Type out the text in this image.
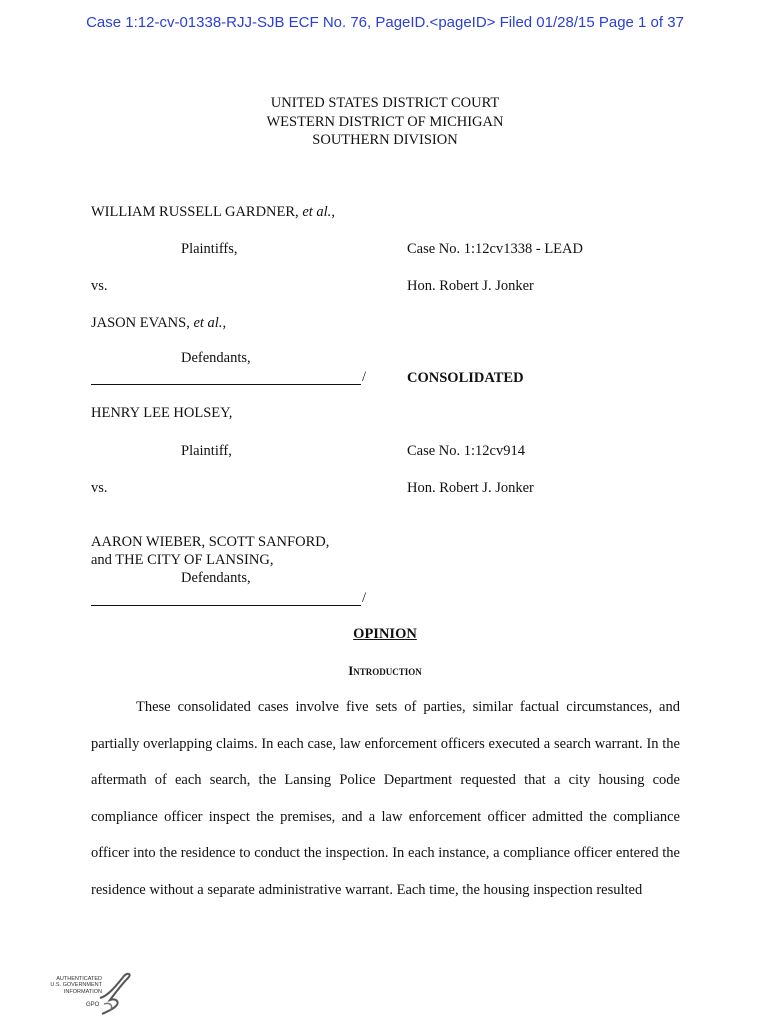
Case 1:12-cv-01338-RJJ-SJB ECF No. 76, PageID.<pageID> Filed 01/28/15 Page 1 of 37
UNITED STATES DISTRICT COURT
WESTERN DISTRICT OF MICHIGAN
SOUTHERN DIVISION
WILLIAM RUSSELL GARDNER, et al.,
Plaintiffs,	Case No. 1:12cv1338 - LEAD
vs.	Hon. Robert J. Jonker
JASON EVANS, et al.,
Defendants,
/	CONSOLIDATED
HENRY LEE HOLSEY,
Plaintiff,	Case No. 1:12cv914
vs.	Hon. Robert J. Jonker
AARON WIEBER, SCOTT SANFORD,
and THE CITY OF LANSING,
Defendants,
/
OPINION
Introduction

These consolidated cases involve five sets of parties, similar factual circumstances, and partially overlapping claims. In each case, law enforcement officers executed a search warrant. In the aftermath of each search, the Lansing Police Department requested that a city housing code compliance officer inspect the premises, and a law enforcement officer admitted the compliance officer into the residence to conduct the inspection. In each instance, a compliance officer entered the residence without a separate administrative warrant. Each time, the housing inspection resulted

AUTHENTICATED
U.S. GOVERNMENT
INFORMATION
GPO
